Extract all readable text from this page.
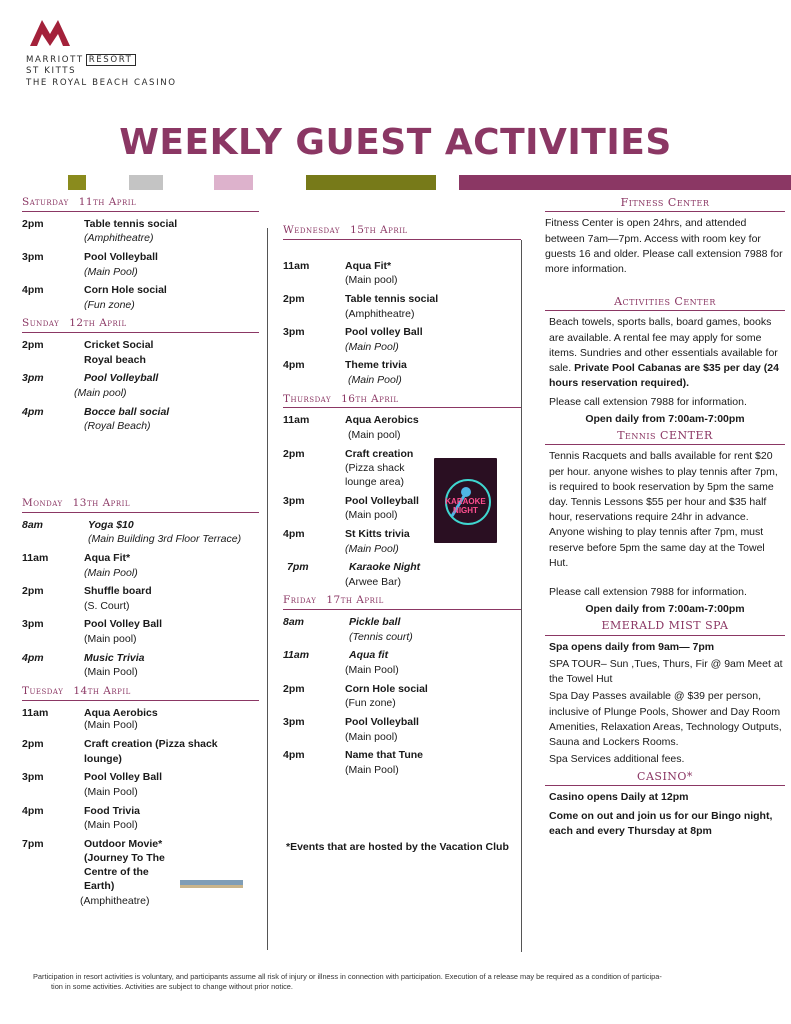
MARRIOTT RESORT
ST KITTS
THE ROYAL BEACH CASINO
WEEKLY GUEST ACTIVITIES
Saturday 11th April
2pm	Table tennis social
(Amphitheatre)
3pm	Pool Volleyball
(Main Pool)
4pm	Corn Hole social
(Fun zone)
Sunday 12th April
2pm	Cricket Social
Royal beach
3pm	Pool Volleyball
(Main pool)
4pm	Bocce ball social
(Royal Beach)
Monday 13th April
8am	Yoga $10
(Main Building 3rd Floor Terrace)
11am	Aqua Fit*
(Main Pool)
2pm	Shuffle board
(S. Court)
3pm	Pool Volley Ball
(Main pool)
4pm	Music Trivia
(Main Pool)
Tuesday 14th Arpil
11am	Aqua Aerobics
(Main Pool)
2pm	Craft creation (Pizza shack
lounge)
3pm	Pool Volley Ball
(Main Pool)
4pm	Food Trivia
(Main Pool)
7pm	Outdoor Movie*
(Journey To The
Centre of the
Earth)
(Amphitheatre)
Wednesday 15th April
11am	Aqua Fit*
(Main pool)
2pm	Table tennis social
(Amphitheatre)
3pm	Pool volley Ball
(Main Pool)
4pm	Theme trivia
(Main Pool)
Thursday 16th April
11am	Aqua Aerobics
(Main pool)
2pm	Craft creation
(Pizza shack
lounge area)
3pm	Pool Volleyball
(Main pool)
4pm	St Kitts trivia
(Main Pool)
7pm	Karaoke Night
(Arwee Bar)
Friday 17th April
8am	Pickle ball
(Tennis court)
11am	Aqua fit
(Main Pool)
2pm	Corn Hole social
(Fun zone)
3pm	Pool Volleyball
(Main pool)
4pm	Name that Tune
(Main Pool)
*Events that are hosted by the Vacation Club
KARAOKE
NIGHT
Fitness Center
Fitness Center is open 24hrs, and attended between 7am—7pm. Access with room key for guests 16 and older. Please call extension 7988 for more information.
Activities Center
Beach towels, sports balls, board games, books are available. A rental fee may apply for some items. Sundries and other essentials available for sale. Private Pool Cabanas are $35 per day (24 hours reservation required).
Please call extension 7988 for information.
Open daily from 7:00am-7:00pm
Tennis CENTER
Tennis Racquets and balls available for rent $20 per hour. anyone wishes to play tennis after 7pm, is required to book reservation by 5pm the same day. Tennis Lessons $55 per hour and $35 half hour, reservations require 24hr in advance. Anyone wishing to play tennis after 7pm, must reserve before 5pm the same day at the Towel Hut.
Please call extension 7988 for information.
Open daily from 7:00am-7:00pm
EMERALD MIST SPA
Spa opens daily from 9am— 7pm
SPA TOUR– Sun ,Tues, Thurs, Fir @ 9am Meet at the Towel Hut
Spa Day Passes available @ $39 per person, inclusive of Plunge Pools, Shower and Day Room Amenities, Relaxation Areas, Technology Outputs, Sauna and Lockers Rooms.
Spa Services additional fees.
CASINO*
Casino opens Daily at 12pm
Come on out and join us for our Bingo night, each and every Thursday at 8pm
Participation in resort activities is voluntary, and participants assume all risk of injury or illness in connection with participation. Execution of a release may be required as a condition of participa-
tion in some activities. Activities are subject to change without prior notice.
